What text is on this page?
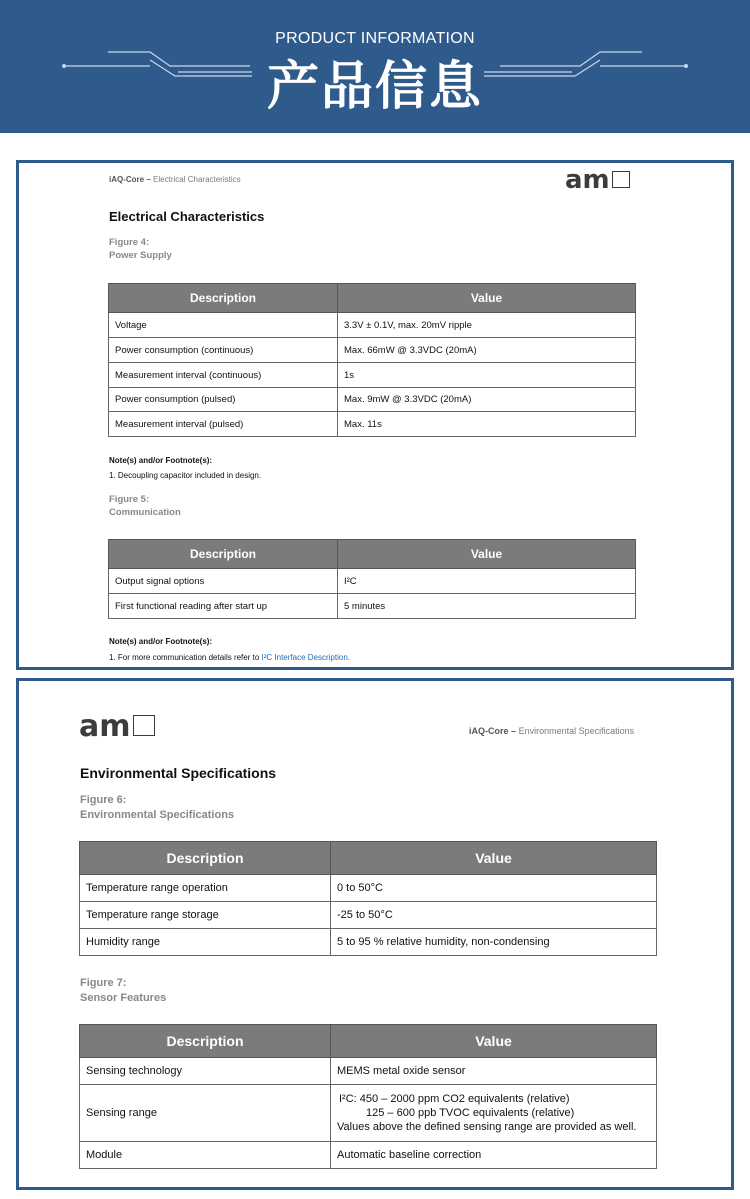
PRODUCT INFORMATION
产品信息
iAQ-Core – Electrical Characteristics	am
Electrical Characteristics
Figure 4:
Power Supply
Description	Value
Voltage	3.3V ± 0.1V, max. 20mV ripple
Power consumption (continuous)	Max. 66mW @ 3.3VDC (20mA)
Measurement interval (continuous)	1s
Power consumption (pulsed)	Max. 9mW @ 3.3VDC (20mA)
Measurement interval (pulsed)	Max. 11s
Note(s) and/or Footnote(s):
1. Decoupling capacitor included in design.
Figure 5:
Communication
Description	Value
Output signal options	I²C
First functional reading after start up	5 minutes
Note(s) and/or Footnote(s):
1. For more communication details refer to I²C Interface Description.
am	iAQ-Core – Environmental Specifications
Environmental Specifications
Figure 6:
Environmental Specifications
Description	Value
Temperature range operation	0 to 50°C
Temperature range storage	-25 to 50°C
Humidity range	5 to 95 % relative humidity, non-condensing
Figure 7:
Sensor Features
Description	Value
Sensing technology	MEMS metal oxide sensor
Sensing range	I²C: 450 – 2000 ppm CO2 equivalents (relative)
125 – 600 ppb TVOC equivalents (relative)
Values above the defined sensing range are provided as well.

Module	Automatic baseline correction
